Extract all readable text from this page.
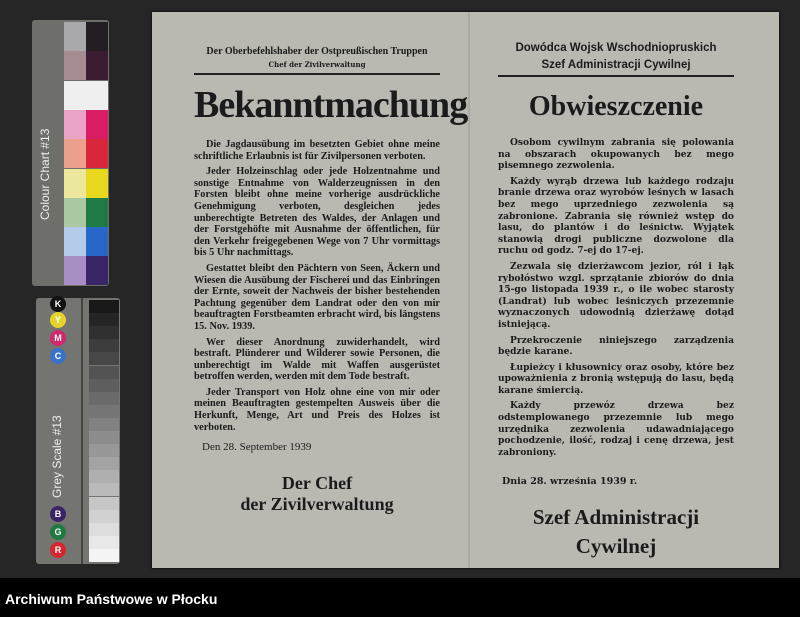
Colour Chart #13
C
M
Y
K
Grey Scale #13
R
G
B
Der Oberbefehlshaber der Ostpreußischen Truppen
Chef der Zivilverwaltung
Bekanntmachung
Die Jagdausübung im besetzten Gebiet ohne meine schriftliche Erlaubnis ist für Zivilpersonen verboten.
Jeder Holzeinschlag oder jede Holzentnahme und sonstige Entnahme von Walderzeugnissen in den Forsten bleibt ohne meine vorherige ausdrückliche Genehmigung verboten, desgleichen jedes unberechtigte Betreten des Waldes, der Anlagen und der Forstgehöfte mit Ausnahme der öffentlichen, für den Verkehr freigegebenen Wege von 7 Uhr vormittags bis 5 Uhr nachmittags.
Gestattet bleibt den Pächtern von Seen, Äckern und Wiesen die Ausübung der Fischerei und das Einbringen der Ernte, soweit der Nachweis der bisher bestehenden Pachtung gegenüber dem Landrat oder den von mir beauftragten Forstbeamten erbracht wird, bis längstens 15. Nov. 1939.
Wer dieser Anordnung zuwiderhandelt, wird bestraft. Plünderer und Wilderer sowie Personen, die unberechtigt im Walde mit Waffen ausgerüstet betroffen werden, werden mit dem Tode bestraft.
Jeder Transport von Holz ohne eine von mir oder meinen Beauftragten gestempelten Ausweis über die Herkunft, Menge, Art und Preis des Holzes ist verboten.
Den 28. September 1939
Der Chef
der Zivilverwaltung
Dowódca Wojsk Wschodniopruskich
Szef Administracji Cywilnej
Obwieszczenie
Osobom cywilnym zabrania się polowania na obszarach okupowanych bez mego pisemnego zezwolenia.
Każdy wyrąb drzewa lub każdego rodzaju branie drzewa oraz wyrobów leśnych w lasach bez mego uprzedniego zezwolenia są zabronione. Zabrania się również wstęp do lasu, do plantów i do leśnictw. Wyjątek stanowią drogi publiczne dozwolone dla ruchu od godz. 7-ej do 17-ej.
Zezwala się dzierżawcom jezior, ról i łąk rybołóstwo wzgl. sprzątanie zbiorów do dnia 15-go listopada 1939 r., o ile wobec starosty (Landrat) lub wobec leśniczych przezemnie wyznaczonych udowodnią dzierżawę dotąd istniejącą.
Przekroczenie niniejszego zarządzenia będzie karane.
Łupieżcy i kłusownicy oraz osoby, które bez upoważnienia z bronią wstępują do lasu, będą karane śmiercią.
Każdy przewóz drzewa bez odstemplowanego przezemnie lub mego urzędnika zezwolenia udawadniającego pochodzenie, ilość, rodzaj i cenę drzewa, jest zabroniony.
Dnia 28. września 1939 r.
Szef Administracji
Cywilnej
Archiwum Państwowe w Płocku
